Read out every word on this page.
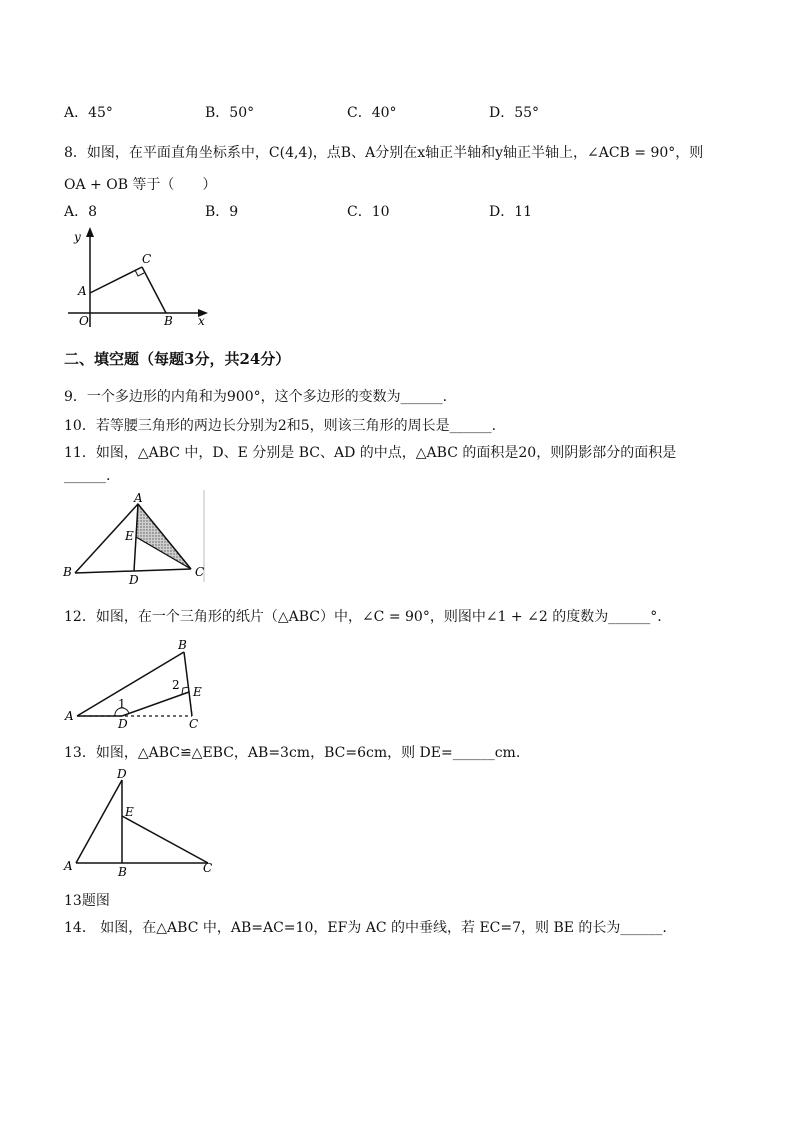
A．45°	B．50°	C．40°	D．55°
8．如图，在平面直角坐标系中，C(4,4)，点B、A分别在x轴正半轴和y轴正半轴上，∠ACB = 90°，则
OA + OB 等于（　　）
A．8	B．9	C．10	D．11
y
C
A
O	B x
二、填空题（每题3分，共24分）
9．一个多边形的内角和为900°，这个多边形的变数为______.
10．若等腰三角形的两边长分别为2和5，则该三角形的周长是______.
11．如图，△ABC 中，D、E 分别是 BC、AD 的中点，△ABC 的面积是20，则阴影部分的面积是
______.
A
E
B
D
C
12．如图，在一个三角形的纸片（△ABC）中，∠C = 90°，则图中∠1 + ∠2 的度数为______°.
B
2 E
1
A
D	C
13．如图，△ABC≌△EBC，AB=3cm，BC=6cm，则 DE=______cm.
D
E
A	B	C
13题图
14． 如图，在△ABC 中，AB=AC=10，EF为 AC 的中垂线，若 EC=7，则 BE 的长为______.
